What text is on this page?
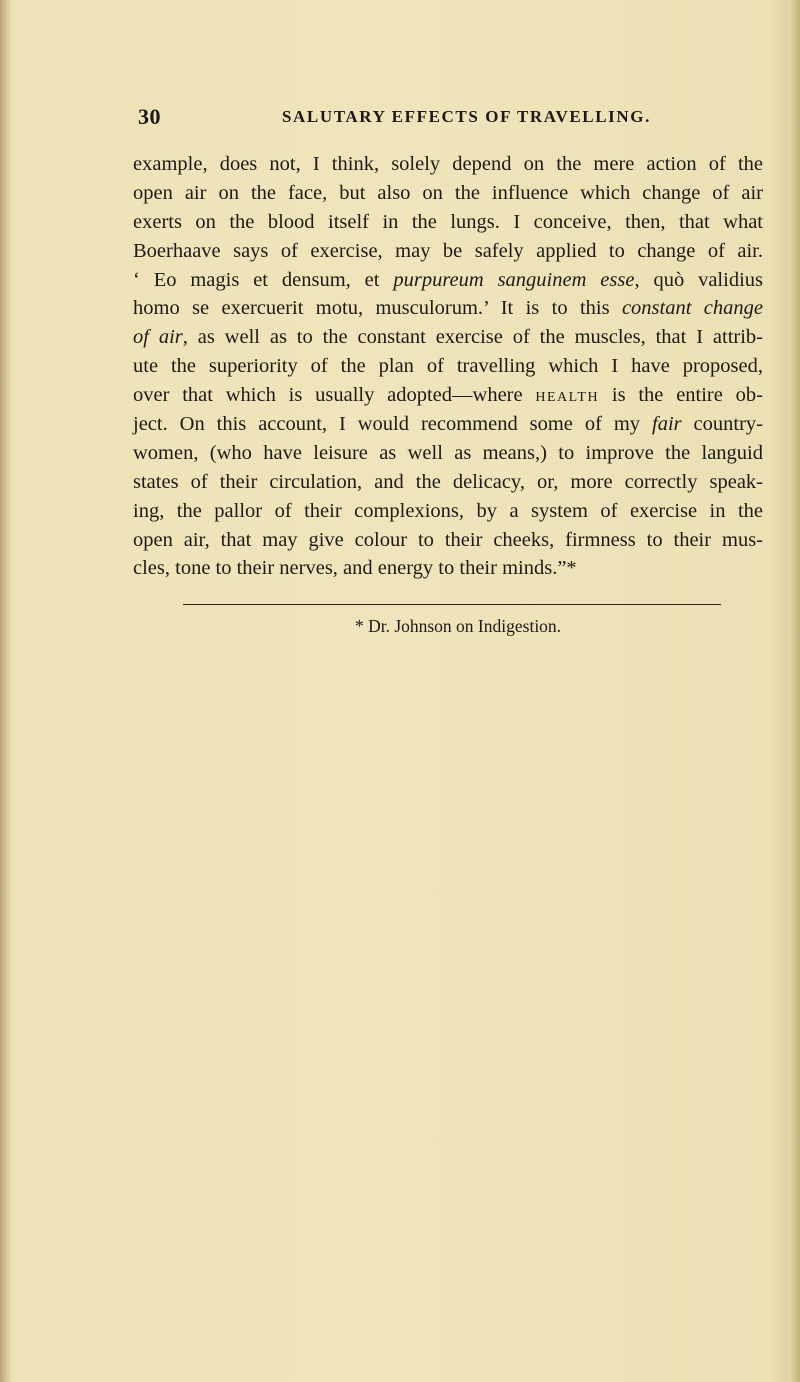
30	SALUTARY EFFECTS OF TRAVELLING.
example, does not, I think, solely depend on the mere action of the
open air on the face, but also on the influence which change of air
exerts on the blood itself in the lungs. I conceive, then, that what
Boerhaave says of exercise, may be safely applied to change of air.
‘ Eo magis et densum, et purpureum sanguinem esse, quò validius
homo se exercuerit motu, musculorum.’ It is to this constant change
of air, as well as to the constant exercise of the muscles, that I attrib-
ute the superiority of the plan of travelling which I have proposed,
over that which is usually adopted—where health is the entire ob-
ject. On this account, I would recommend some of my fair country-
women, (who have leisure as well as means,) to improve the languid
states of their circulation, and the delicacy, or, more correctly speak-
ing, the pallor of their complexions, by a system of exercise in the
open air, that may give colour to their cheeks, firmness to their mus-
cles, tone to their nerves, and energy to their minds.”*
* Dr. Johnson on Indigestion.
